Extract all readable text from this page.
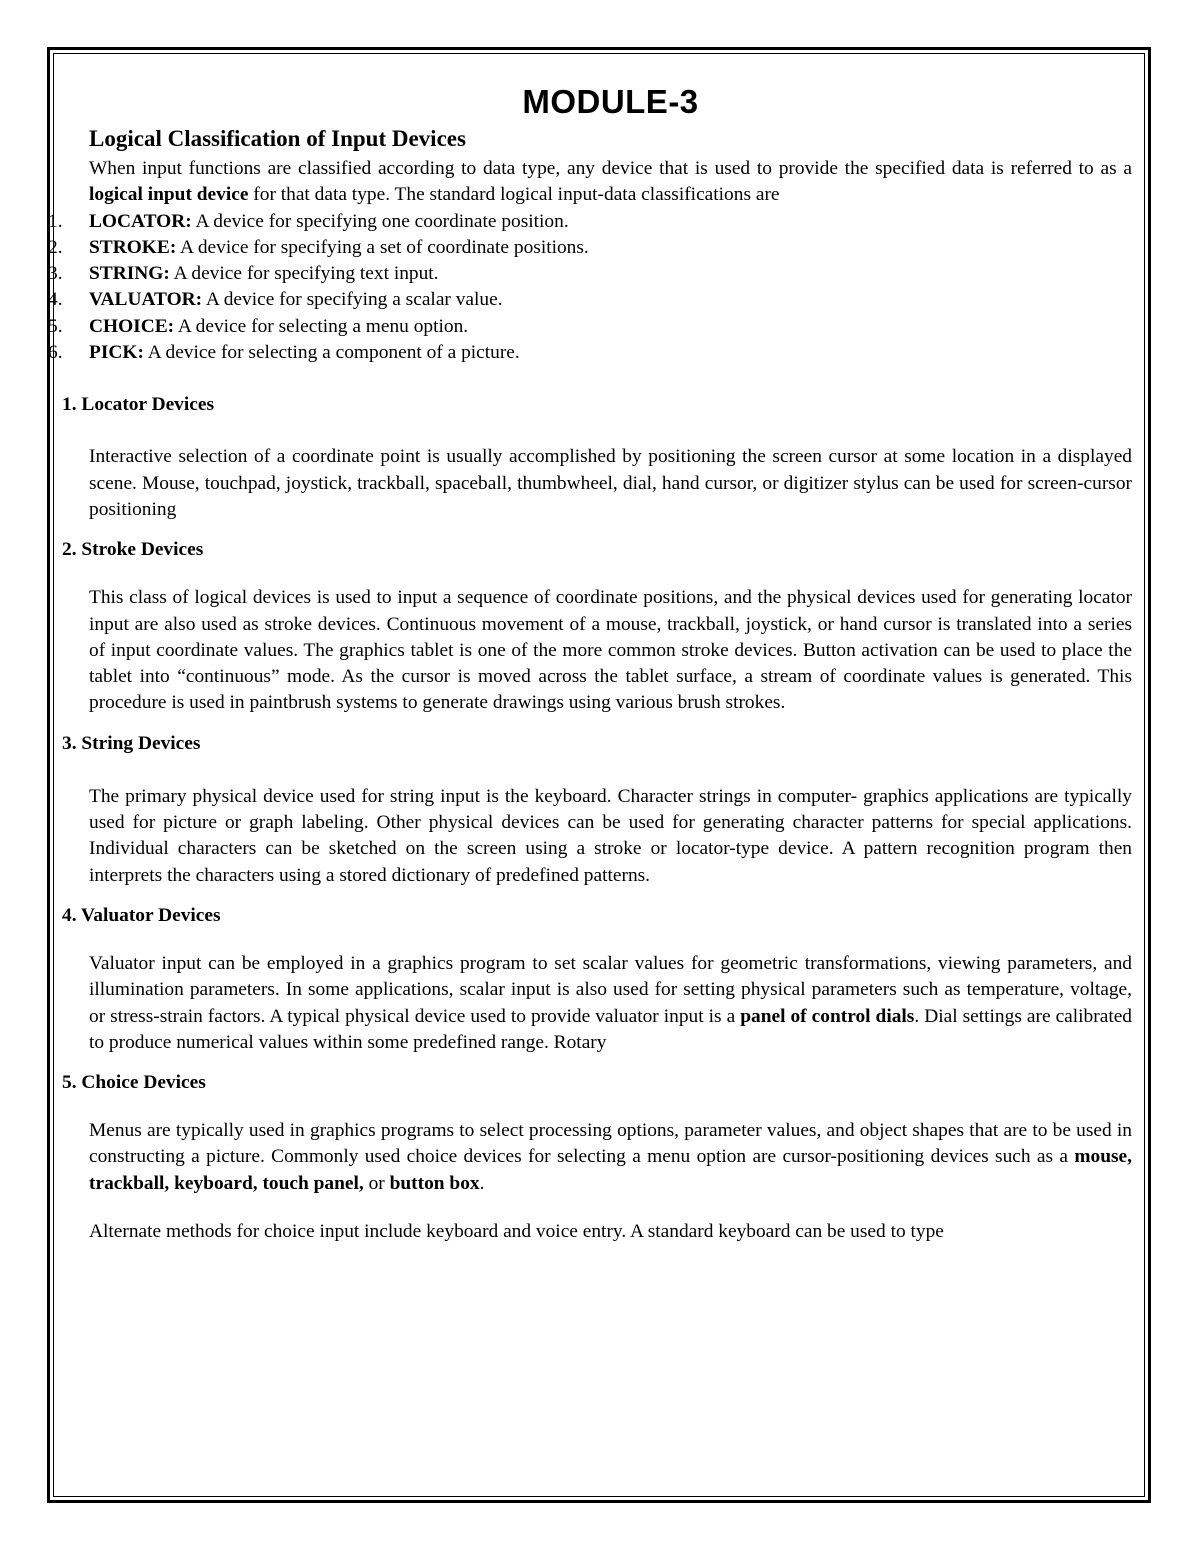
MODULE-3
Logical Classification of Input Devices

When input functions are classified according to data type, any device that is used to provide the specified data is referred to as a logical input device for that data type. The standard logical input-data classifications are

1.	LOCATOR: A device for specifying one coordinate position.
2.	STROKE: A device for specifying a set of coordinate positions.
3.	STRING: A device for specifying text input.
4.	VALUATOR: A device for specifying a scalar value.
5.	CHOICE: A device for selecting a menu option.
6.	PICK: A device for selecting a component of a picture.
1. Locator Devices

Interactive selection of a coordinate point is usually accomplished by positioning the screen cursor at some location in a displayed scene. Mouse, touchpad, joystick, trackball, spaceball, thumbwheel, dial, hand cursor, or digitizer stylus can be used for screen-cursor positioning

2. Stroke Devices

This class of logical devices is used to input a sequence of coordinate positions, and the physical devices used for generating locator input are also used as stroke devices. Continuous movement of a mouse, trackball, joystick, or hand cursor is translated into a series of input coordinate values. The graphics tablet is one of the more common stroke devices. Button activation can be used to place the tablet into “continuous” mode. As the cursor is moved across the tablet surface, a stream of coordinate values is generated. This procedure is used in paintbrush systems to generate drawings using various brush strokes.

3. String Devices

The primary physical device used for string input is the keyboard. Character strings in computer- graphics applications are typically used for picture or graph labeling. Other physical devices can be used for generating character patterns for special applications. Individual characters can be sketched on the screen using a stroke or locator-type device. A pattern recognition program then interprets the characters using a stored dictionary of predefined patterns.

4. Valuator Devices

Valuator input can be employed in a graphics program to set scalar values for geometric transformations, viewing parameters, and illumination parameters. In some applications, scalar input is also used for setting physical parameters such as temperature, voltage, or stress-strain factors. A typical physical device used to provide valuator input is a panel of control dials. Dial settings are calibrated to produce numerical values within some predefined range. Rotary

5. Choice Devices

Menus are typically used in graphics programs to select processing options, parameter values, and object shapes that are to be used in constructing a picture. Commonly used choice devices for selecting a menu option are cursor-positioning devices such as a mouse, trackball, keyboard, touch panel, or button box.

Alternate methods for choice input include keyboard and voice entry. A standard keyboard can be used to type
